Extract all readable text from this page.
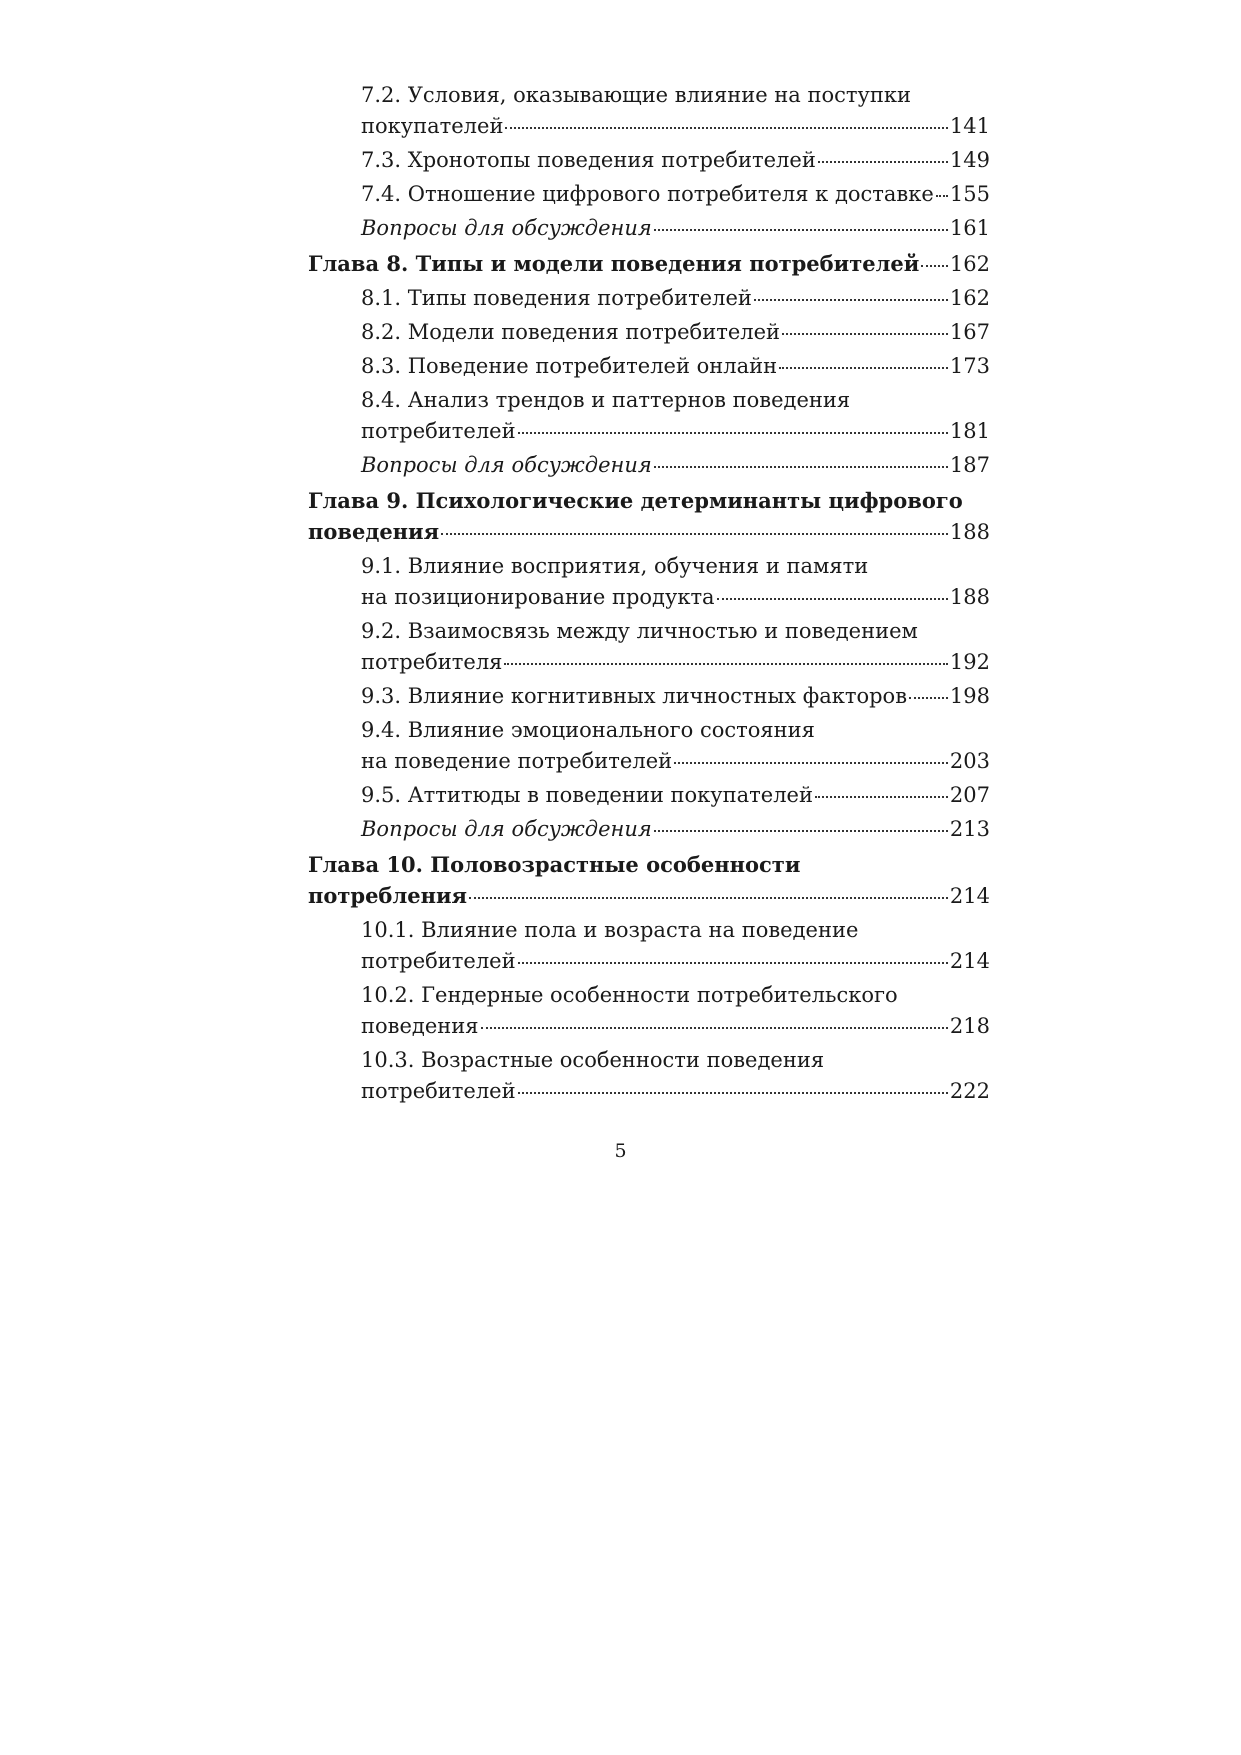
7.2. Условия, оказывающие влияние на поступки
покупателей	141
7.3. Хронотопы поведения потребителей	149
7.4. Отношение цифрового потребителя к доставке 155
Вопросы для обсуждения	161
Глава 8. Типы и модели поведения потребителей 162
8.1. Типы поведения потребителей	162
8.2. Модели поведения потребителей	167
8.3. Поведение потребителей онлайн	173
8.4. Анализ трендов и паттернов поведения
потребителей	181
Вопросы для обсуждения	187
Глава 9. Психологические детерминанты цифрового
поведения	188
9.1. Влияние восприятия, обучения и памяти
на позиционирование продукта	188
9.2. Взаимосвязь между личностью и поведением
потребителя	192
9.3. Влияние когнитивных личностных факторов 198
9.4. Влияние эмоционального состояния
на поведение потребителей	203
9.5. Аттитюды в поведении покупателей	207
Вопросы для обсуждения	213
Глава 10. Половозрастные особенности
потребления	214
10.1. Влияние пола и возраста на поведение
потребителей	214
10.2. Гендерные особенности потребительского
поведения	218
10.3. Возрастные особенности поведения
потребителей	222
5
